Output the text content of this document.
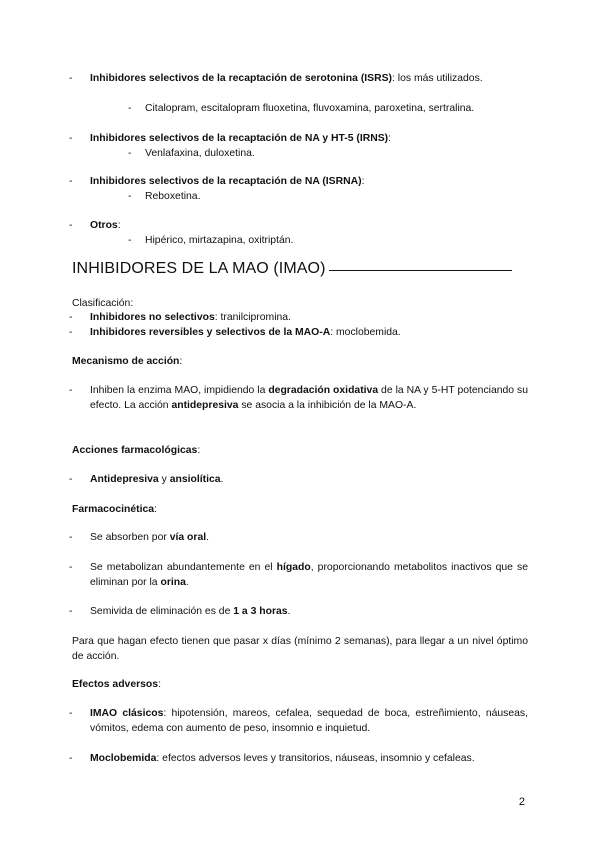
- Inhibidores selectivos de la recaptación de serotonina (ISRS): los más utilizados.
- Citalopram, escitalopram fluoxetina, fluvoxamina, paroxetina, sertralina.
- Inhibidores selectivos de la recaptación de NA y HT-5 (IRNS):
- Venlafaxina, duloxetina.
- Inhibidores selectivos de la recaptación de NA (ISRNA):
- Reboxetina.
- Otros:
- Hipérico, mirtazapina, oxitriptán.
INHIBIDORES DE LA MAO (IMAO)
Clasificación:
- Inhibidores no selectivos: tranilcipromina.
- Inhibidores reversibles y selectivos de la MAO-A: moclobemida.
Mecanismo de acción:
- Inhiben la enzima MAO, impidiendo la degradación oxidativa de la NA y 5-HT potenciando su efecto. La acción antidepresiva se asocia a la inhibición de la MAO-A.
Acciones farmacológicas:
- Antidepresiva y ansiolítica.
Farmacocinética:
- Se absorben por vía oral.
- Se metabolizan abundantemente en el hígado, proporcionando metabolitos inactivos que se eliminan por la orina.
- Semivida de eliminación es de 1 a 3 horas.
Para que hagan efecto tienen que pasar x días (mínimo 2 semanas), para llegar a un nivel óptimo de acción.
Efectos adversos:
- IMAO clásicos: hipotensión, mareos, cefalea, sequedad de boca, estreñimiento, náuseas, vómitos, edema con aumento de peso, insomnio e inquietud.
- Moclobemida: efectos adversos leves y transitorios, náuseas, insomnio y cefaleas.
2
